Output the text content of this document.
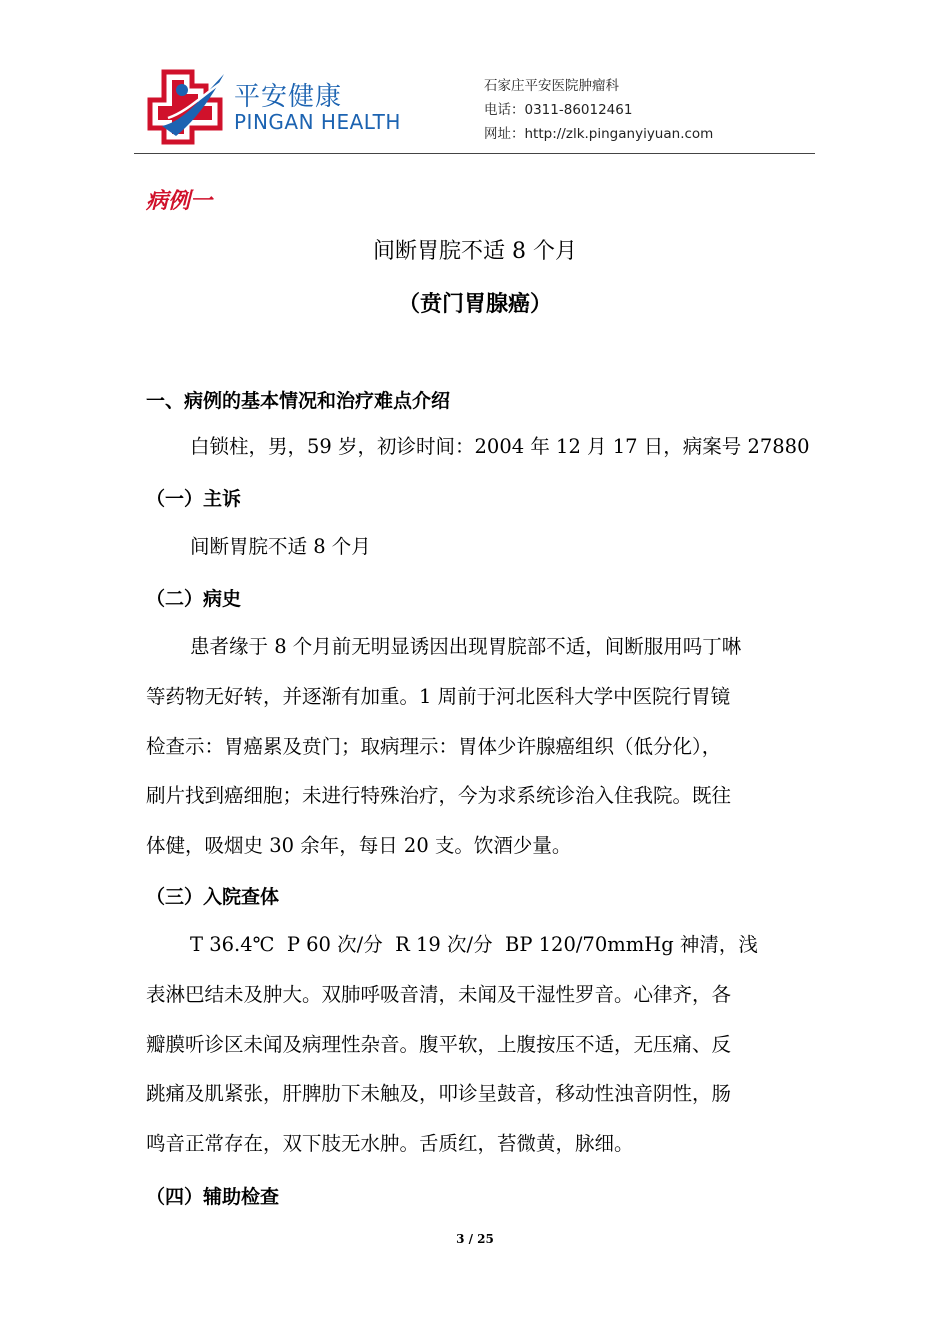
平安健康
PINGAN HEALTH
石家庄平安医院肿瘤科
电话：0311-86012461
网址：http://zlk.pinganyiyuan.com
病例一
间断胃脘不适 8 个月
（贲门胃腺癌）
一、病例的基本情况和治疗难点介绍
白锁柱，男，59 岁，初诊时间：2004 年 12 月 17 日，病案号 27880
（一）主诉
间断胃脘不适 8 个月
（二）病史
患者缘于 8 个月前无明显诱因出现胃脘部不适，间断服用吗丁啉
等药物无好转，并逐渐有加重。1 周前于河北医科大学中医院行胃镜
检查示：胃癌累及贲门；取病理示：胃体少许腺癌组织（低分化），
刷片找到癌细胞；未进行特殊治疗，今为求系统诊治入住我院。既往
体健，吸烟史 30 余年，每日 20 支。饮酒少量。
（三）入院查体
T 36.4℃  P 60 次/分  R 19 次/分  BP 120/70mmHg 神清，浅
表淋巴结未及肿大。双肺呼吸音清，未闻及干湿性罗音。心律齐，各
瓣膜听诊区未闻及病理性杂音。腹平软，上腹按压不适，无压痛、反
跳痛及肌紧张，肝脾肋下未触及，叩诊呈鼓音，移动性浊音阴性，肠
鸣音正常存在，双下肢无水肿。舌质红，苔微黄，脉细。
（四）辅助检查
3 / 25
